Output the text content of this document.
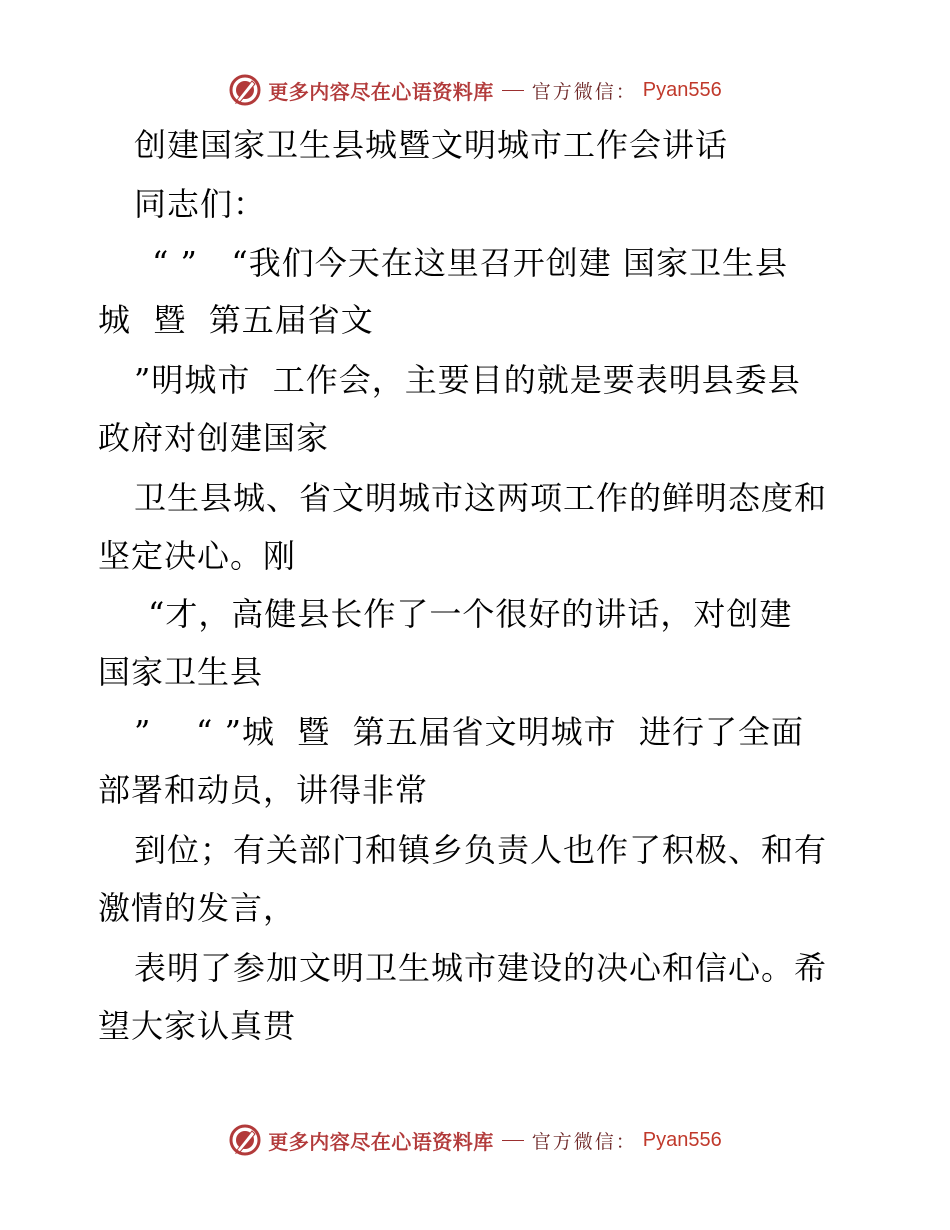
更多内容尽在心语资料库 官方微信： Pyan556
创建国家卫生县城暨文明城市工作会讲话
同志们：
“ ”   “我们今天在这里召开创建 国家卫生县
城  暨  第五届省文
”明城市  工作会，主要目的就是要表明县委县
政府对创建国家
卫生县城、省文明城市这两项工作的鲜明态度和
坚定决心。刚
“才，高健县长作了一个很好的讲话，对创建
国家卫生县
”    “ ”城  暨  第五届省文明城市  进行了全面
部署和动员，讲得非常
到位；有关部门和镇乡负责人也作了积极、和有
激情的发言，
表明了参加文明卫生城市建设的决心和信心。希
望大家认真贯
更多内容尽在心语资料库 官方微信： Pyan556
